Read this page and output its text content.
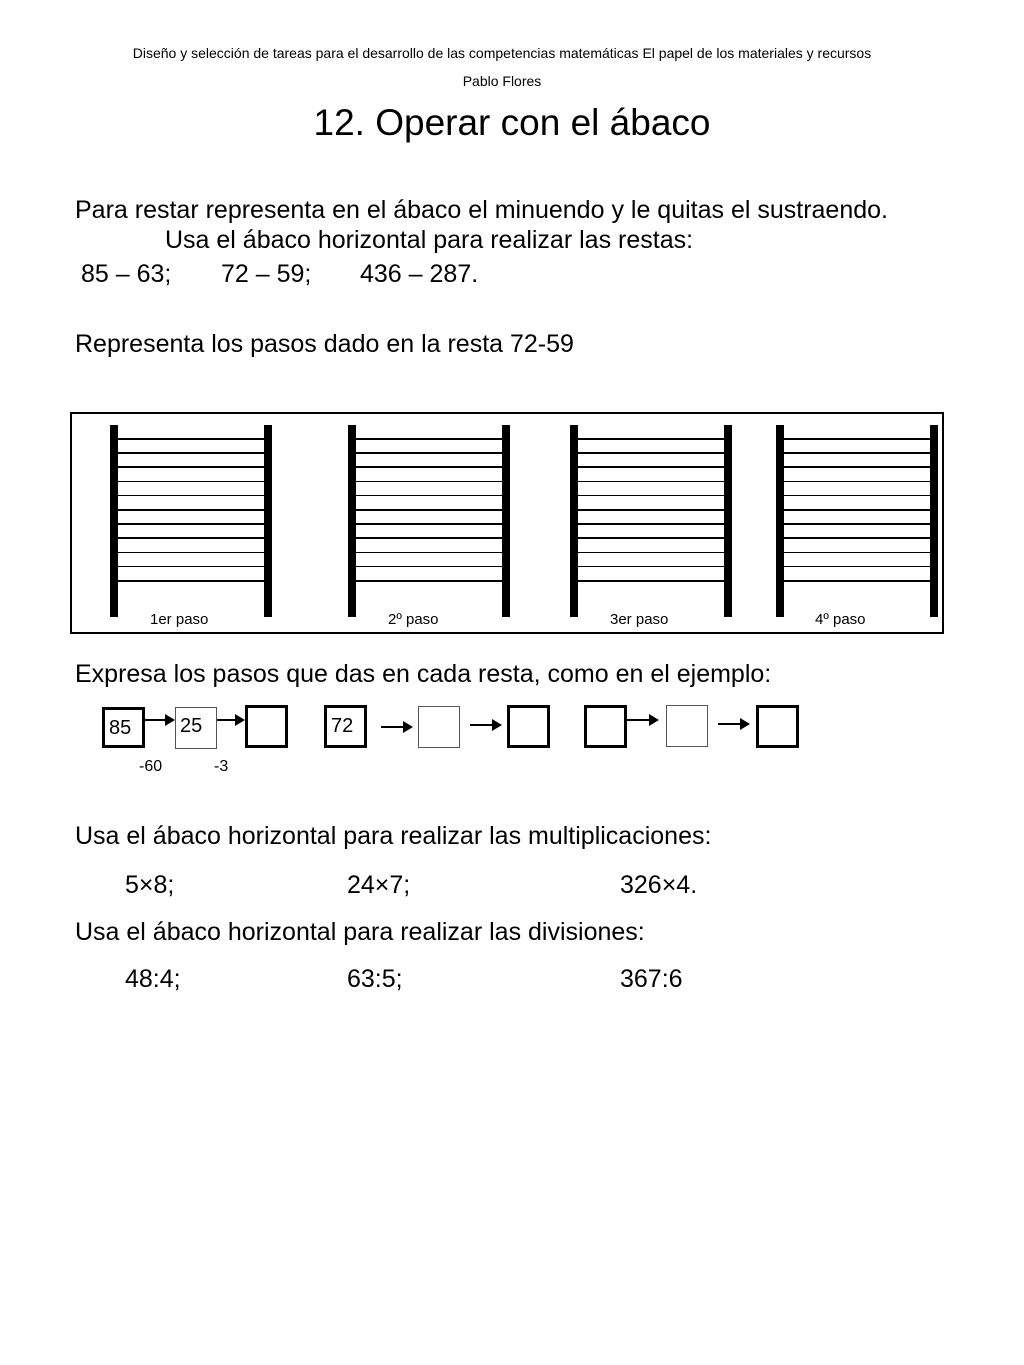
Diseño y selección de tareas para el desarrollo de las competencias matemáticas El papel de los materiales y recursos
Pablo Flores
12. Operar con el ábaco
Para restar representa en el ábaco el minuendo y le quitas el sustraendo.
Usa el ábaco horizontal para realizar las restas:
85 – 63; 72 – 59; 436 – 287.
Representa los pasos dado en la resta 72-59
1er paso	2º paso	3er paso	4º paso
Expresa los pasos que das en cada resta, como en el ejemplo:
85 25
-60	-3
72
Usa el ábaco horizontal para realizar las multiplicaciones:
5×8;	24×7;	326×4.
Usa el ábaco horizontal para realizar las divisiones:
48:4;	63:5;	367:6
